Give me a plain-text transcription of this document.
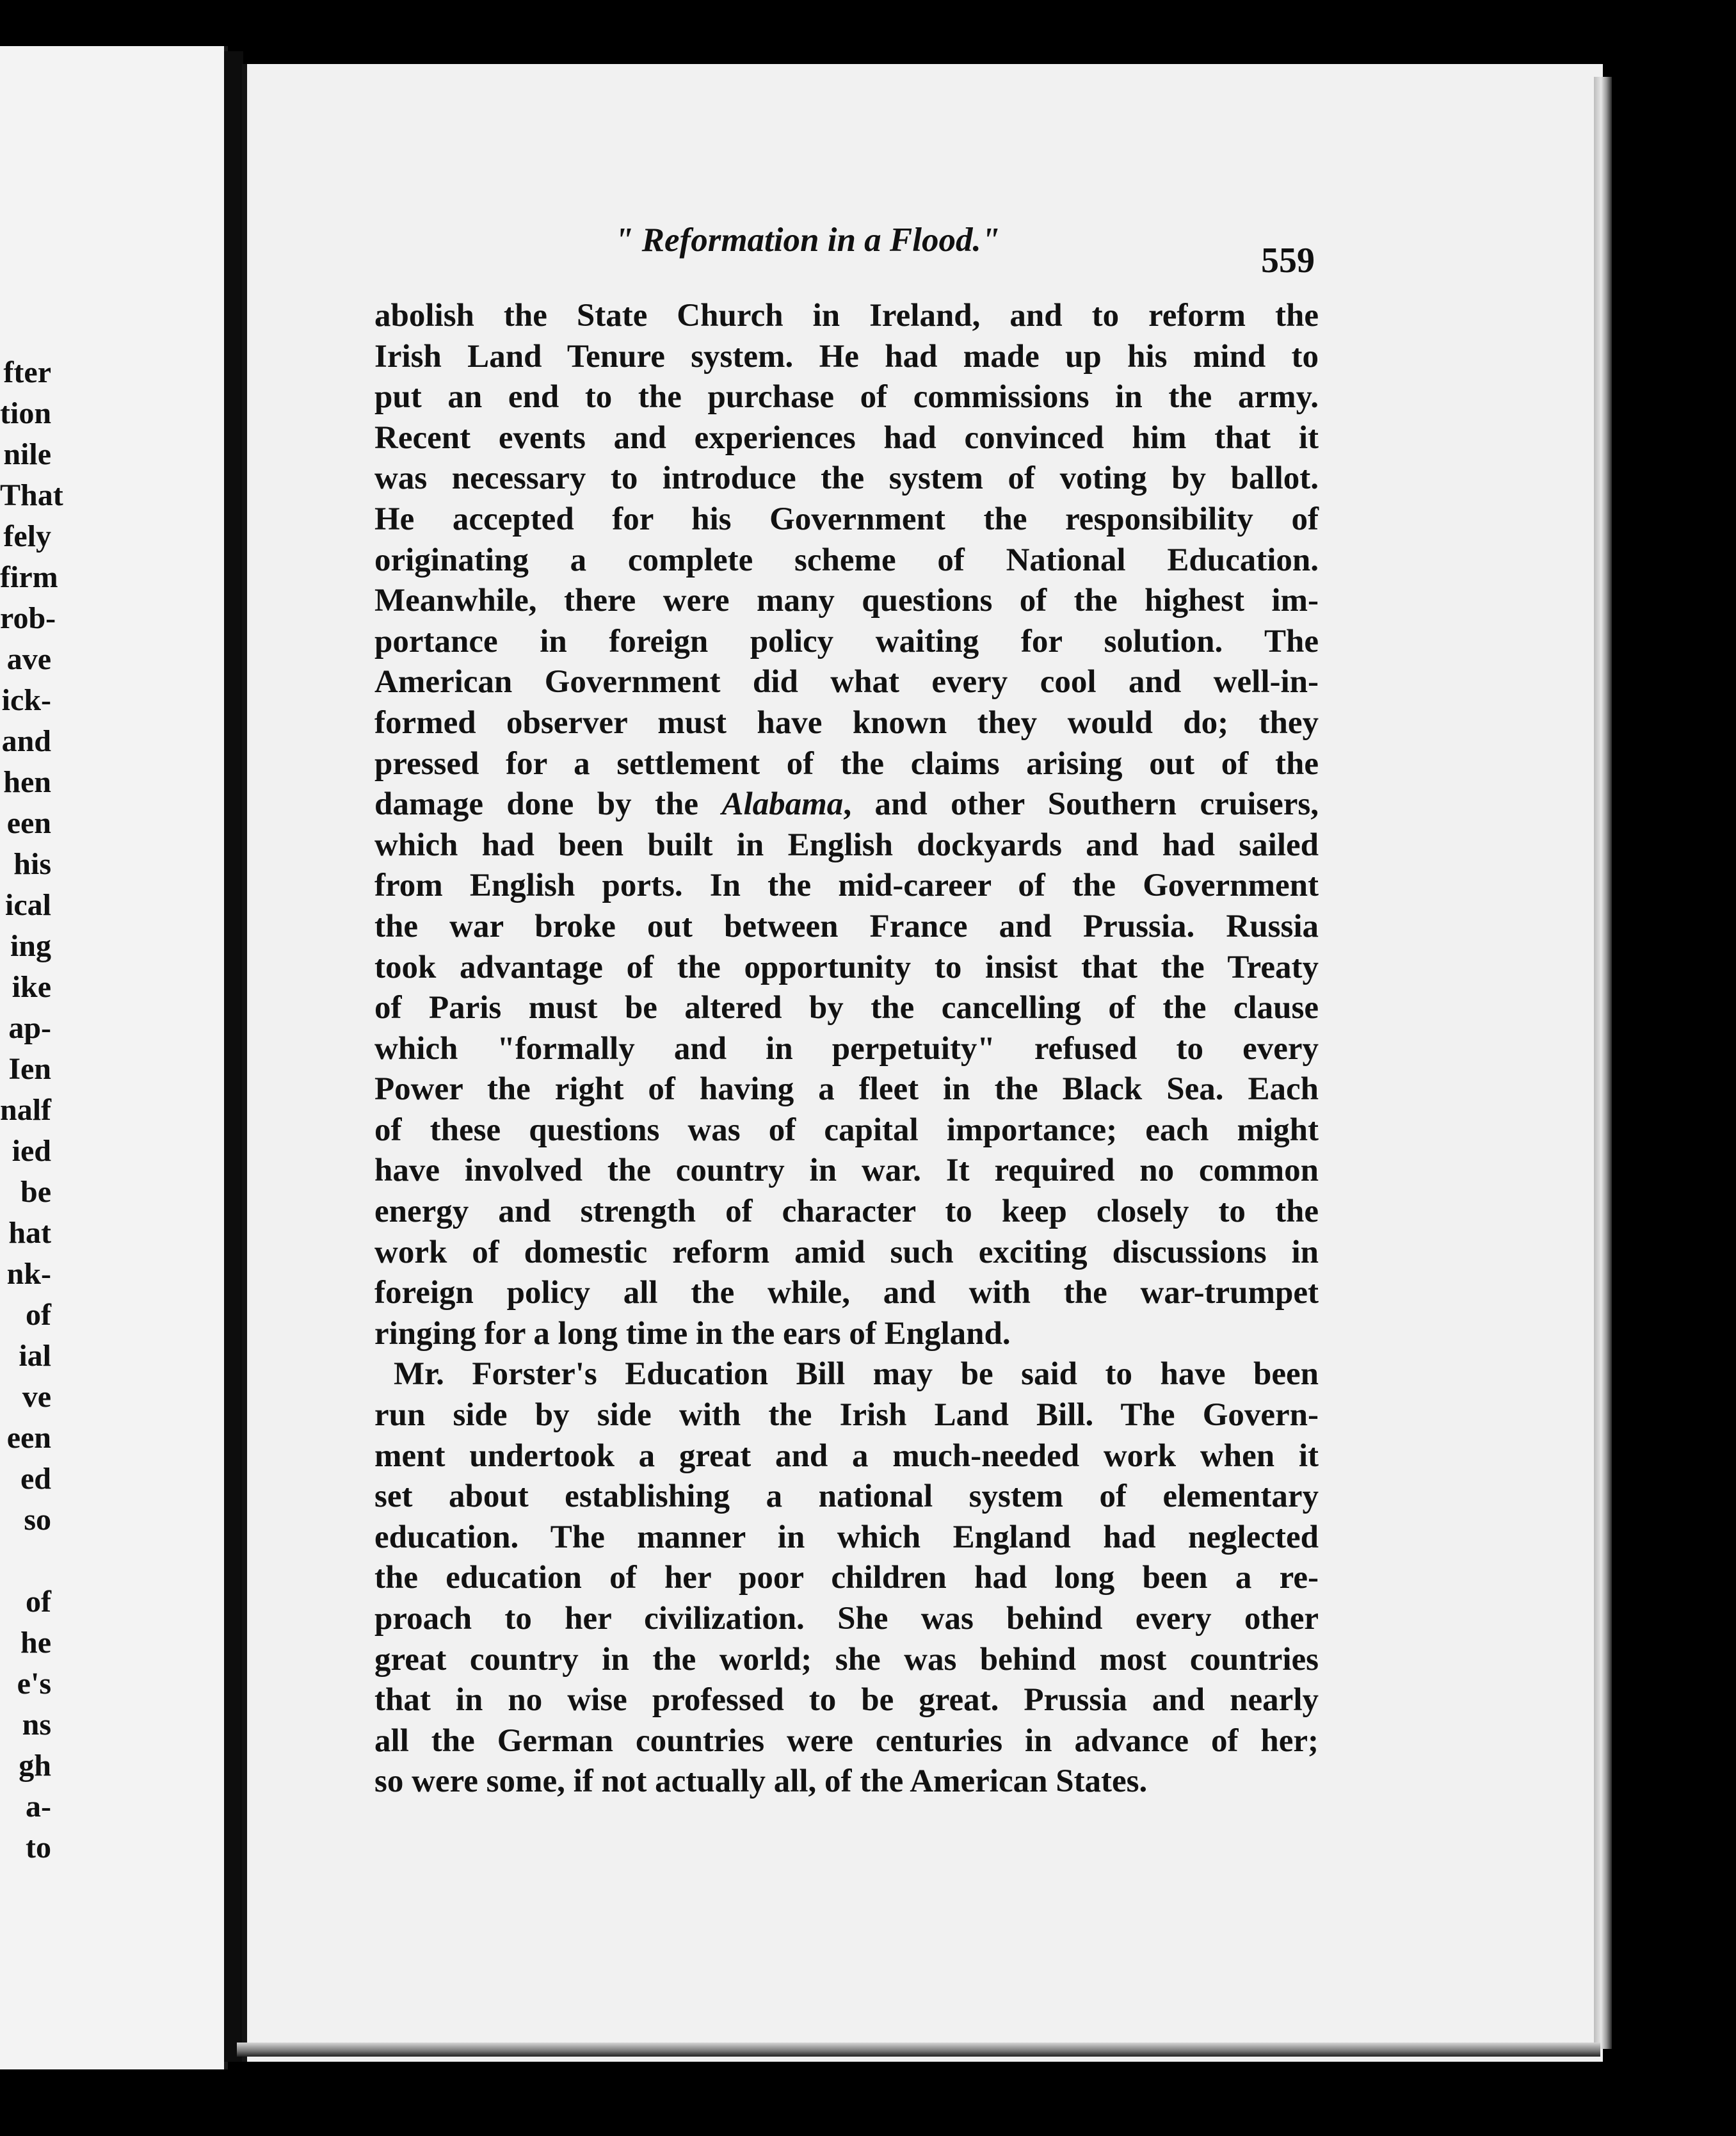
fter
tion
nile
That
fely
firm
rob-
ave
ick-
and
hen
een
his
ical
ing
ike
ap-
Ien
nalf
ied
be
hat
nk-
of
ial
ve
een
ed
so
of
he
e's
ns
gh
a-
to
" Reformation in a Flood."
559
abolish the State Church in Ireland, and to reform the
Irish Land Tenure system. He had made up his mind to
put an end to the purchase of commissions in the army.
Recent events and experiences had convinced him that it
was necessary to introduce the system of voting by ballot.
He accepted for his Government the responsibility of
originating a complete scheme of National Education.
Meanwhile, there were many questions of the highest im-
portance in foreign policy waiting for solution. The
American Government did what every cool and well-in-
formed observer must have known they would do; they
pressed for a settlement of the claims arising out of the
damage done by the Alabama, and other Southern cruisers,
which had been built in English dockyards and had sailed
from English ports. In the mid-career of the Government
the war broke out between France and Prussia. Russia
took advantage of the opportunity to insist that the Treaty
of Paris must be altered by the cancelling of the clause
which "formally and in perpetuity" refused to every
Power the right of having a fleet in the Black Sea. Each
of these questions was of capital importance; each might
have involved the country in war. It required no common
energy and strength of character to keep closely to the
work of domestic reform amid such exciting discussions in
foreign policy all the while, and with the war-trumpet
ringing for a long time in the ears of England.
Mr. Forster's Education Bill may be said to have been
run side by side with the Irish Land Bill. The Govern-
ment undertook a great and a much-needed work when it
set about establishing a national system of elementary
education. The manner in which England had neglected
the education of her poor children had long been a re-
proach to her civilization. She was behind every other
great country in the world; she was behind most countries
that in no wise professed to be great. Prussia and nearly
all the German countries were centuries in advance of her;
so were some, if not actually all, of the American States.
